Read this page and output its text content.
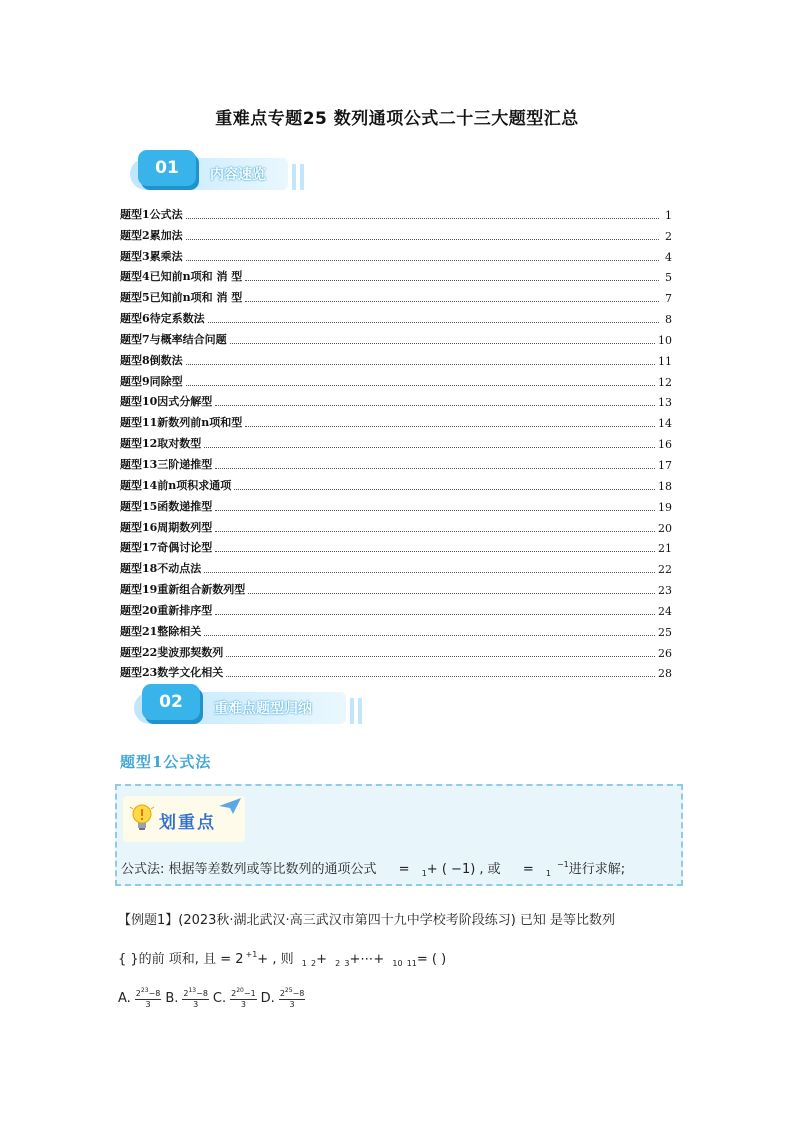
重难点专题25 数列通项公式二十三大题型汇总
01	内容速览
题型1公式法	1
题型2累加法	2
题型3累乘法	4
题型4已知前n项和 消 型	5
题型5已知前n项和 消 型	7
题型6待定系数法	8
题型7与概率结合问题	10
题型8倒数法	11
题型9同除型	12
题型10因式分解型	13
题型11新数列前n项和型	14
题型12取对数型	16
题型13三阶递推型	17
题型14前n项积求通项	18
题型15函数递推型	19
题型16周期数列型	20
题型17奇偶讨论型	21
题型18不动点法	22
题型19重新组合新数列型	23
题型20重新排序型	24
题型21整除相关	25
题型22斐波那契数列	26
题型23数学文化相关	28
02	重难点题型归纳
题型1公式法
划重点
公式法: 根据等差数列或等比数列的通项公式 = $_1$+ ( −1) , 或 = $_1^{-1}$进行求解;
【例题1】(2023秋·湖北武汉·高三武汉市第四十九中学校考阶段练习) 已知 是等比数列
{ }的前 项和, 且 = 2 $^{+1}$+ , 则 $_1$ $_2$+ $_2$ $_3$+⋯+ $_{10}$ $_{11}$= ( )
A. $\frac{2^{23}-8}{3} B$. $\frac{2^{13}-8}{3} C$. $\frac{2^{20}-1}{3} D$. $\frac{2^{25}-8}{3}$
